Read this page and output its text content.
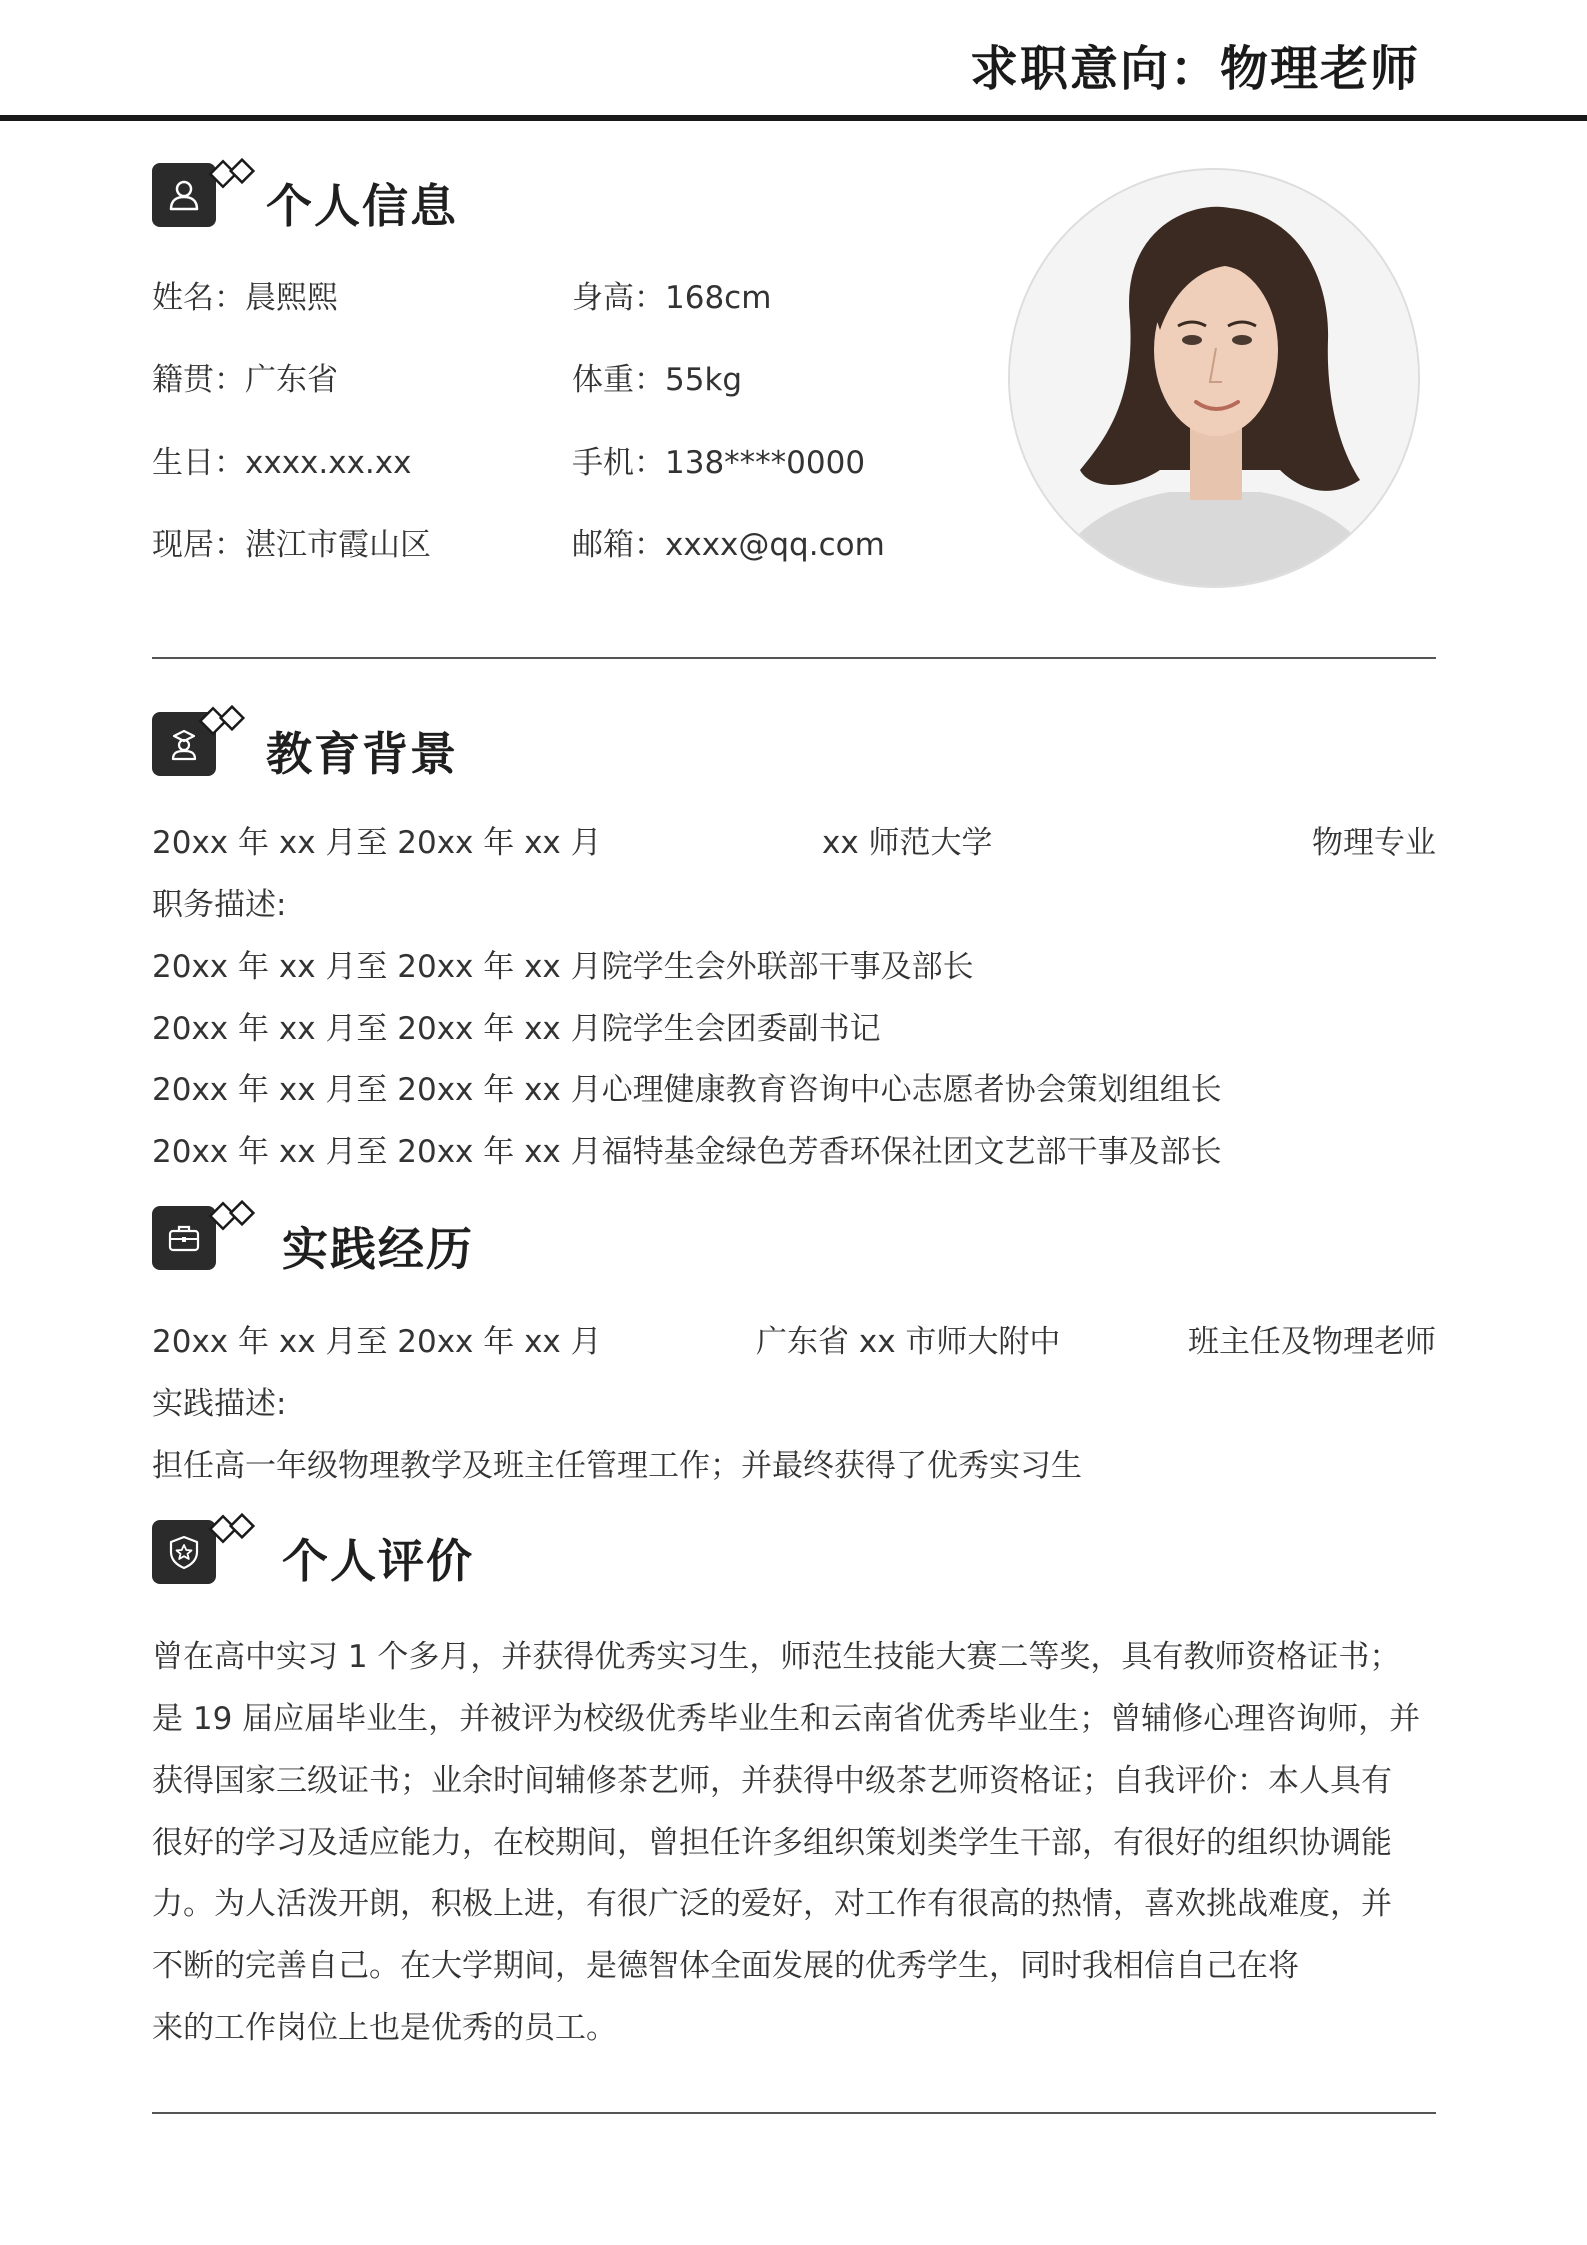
求职意向：物理老师
个人信息
姓名：晨熙熙	身高：168cm
籍贯：广东省	体重：55kg
生日：xxxx.xx.xx	手机：138****0000
现居：湛江市霞山区	邮箱：xxxx@qq.com
教育背景
20xx 年 xx 月至 20xx 年 xx 月	xx 师范大学	物理专业
职务描述:
20xx 年 xx 月至 20xx 年 xx 月院学生会外联部干事及部长
20xx 年 xx 月至 20xx 年 xx 月院学生会团委副书记
20xx 年 xx 月至 20xx 年 xx 月心理健康教育咨询中心志愿者协会策划组组长
20xx 年 xx 月至 20xx 年 xx 月福特基金绿色芳香环保社团文艺部干事及部长
实践经历
20xx 年 xx 月至 20xx 年 xx 月	广东省 xx 市师大附中	班主任及物理老师
实践描述:
担任高一年级物理教学及班主任管理工作；并最终获得了优秀实习生
个人评价
曾在高中实习 1 个多月，并获得优秀实习生，师范生技能大赛二等奖，具有教师资格证书；
是 19 届应届毕业生，并被评为校级优秀毕业生和云南省优秀毕业生；曾辅修心理咨询师，并
获得国家三级证书；业余时间辅修茶艺师，并获得中级茶艺师资格证；自我评价：本人具有
很好的学习及适应能力，在校期间，曾担任许多组织策划类学生干部，有很好的组织协调能
力。为人活泼开朗，积极上进，有很广泛的爱好，对工作有很高的热情，喜欢挑战难度，并
不断的完善自己。在大学期间，是德智体全面发展的优秀学生，同时我相信自己在将
来的工作岗位上也是优秀的员工。
